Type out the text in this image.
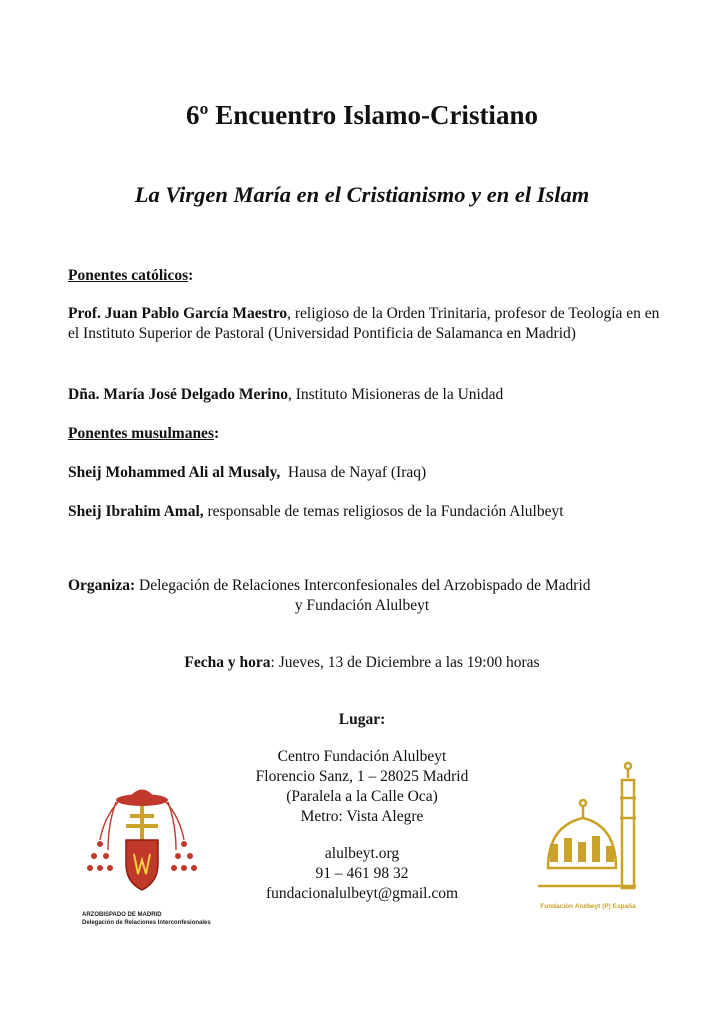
6º Encuentro Islamo-Cristiano
La Virgen María en el Cristianismo y en el Islam
Ponentes católicos:
Prof. Juan Pablo García Maestro, religioso de la Orden Trinitaria, profesor de Teología en en el Instituto Superior de Pastoral (Universidad Pontificia de Salamanca en Madrid)
Dña. María José Delgado Merino, Instituto Misioneras de la Unidad
Ponentes musulmanes:
Sheij Mohammed Ali al Musaly,  Hausa de Nayaf (Iraq)
Sheij Ibrahim Amal, responsable de temas religiosos de la Fundación Alulbeyt
Organiza: Delegación de Relaciones Interconfesionales del Arzobispado de Madrid
y Fundación Alulbeyt
Fecha y hora: Jueves, 13 de Diciembre a las 19:00 horas
Lugar:
Centro Fundación Alulbeyt
Florencio Sanz, 1 – 28025 Madrid
(Paralela a la Calle Oca)
Metro: Vista Alegre
alulbeyt.org
91 – 461 98 32
fundacionalulbeyt@gmail.com
ARZOBISPADO DE MADRID
Delegación de Relaciones Interconfesionales
Fundación Alulbeyt (P) España
